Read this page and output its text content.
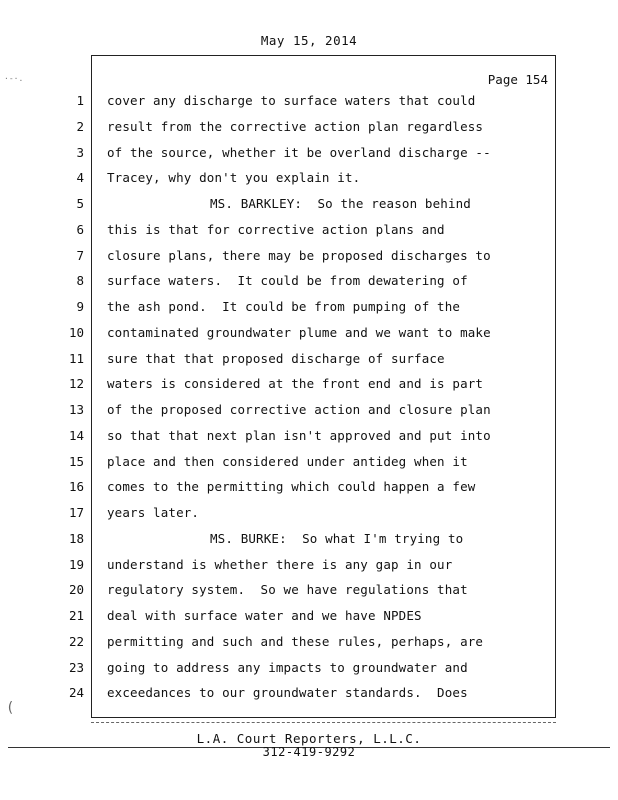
May 15, 2014
Page 154
1 cover any discharge to surface waters that could
2 result from the corrective action plan regardless
3 of the source, whether it be overland discharge --
4 Tracey, why don't you explain it.
5	MS. BARKLEY:  So the reason behind
6 this is that for corrective action plans and
7 closure plans, there may be proposed discharges to
8 surface waters.  It could be from dewatering of
9 the ash pond.  It could be from pumping of the
10 contaminated groundwater plume and we want to make
11 sure that that proposed discharge of surface
12 waters is considered at the front end and is part
13 of the proposed corrective action and closure plan
14 so that that next plan isn't approved and put into
15 place and then considered under antideg when it
16 comes to the permitting which could happen a few
17 years later.
18	MS. BURKE:  So what I'm trying to
19 understand is whether there is any gap in our
20 regulatory system.  So we have regulations that
21 deal with surface water and we have NPDES
22 permitting and such and these rules, perhaps, are
23 going to address any impacts to groundwater and
24 exceedances to our groundwater standards.  Does
L.A. Court Reporters, L.L.C.
312-419-9292
·-·.
(
